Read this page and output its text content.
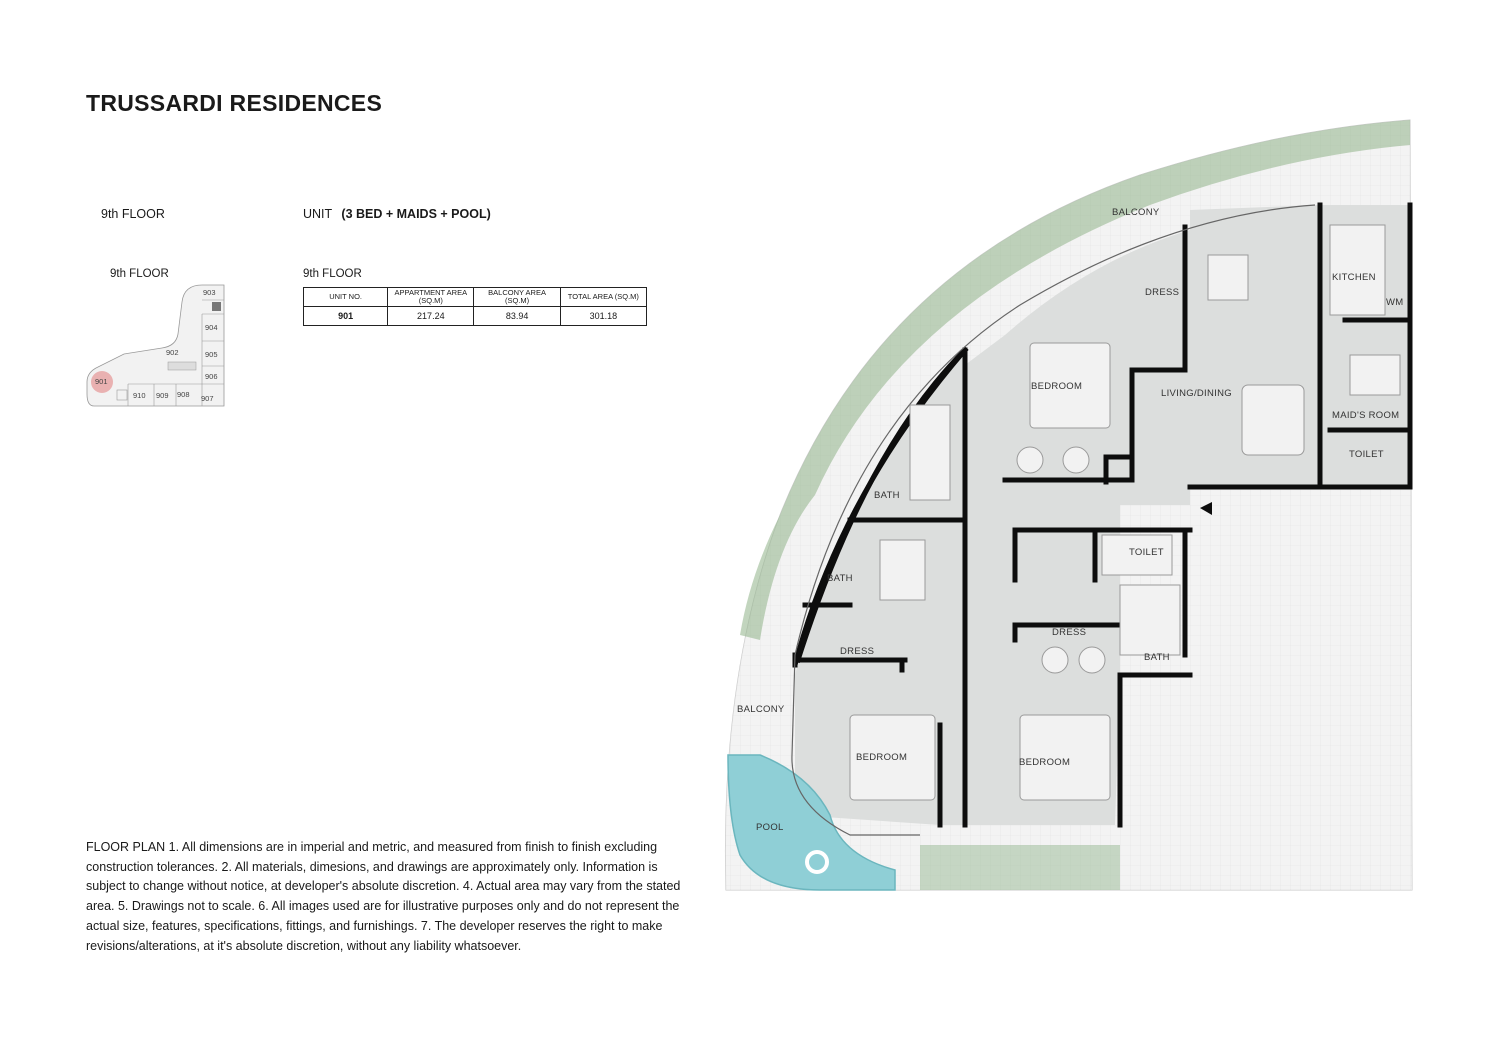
TRUSSARDI RESIDENCES
9th FLOOR	UNIT (3 BED + MAIDS + POOL)
9th FLOOR	9th FLOOR
903
904
905
906
907
908
909
910
902
901
UNIT NO.	APPARTMENT AREA (SQ.M)	BALCONY AREA (SQ.M)	TOTAL AREA (SQ.M)
901	217.24	83.94	301.18
BALCONY
DRESS
KITCHEN
WM
BEDROOM
LIVING/DINING
MAID'S ROOM
TOILET
BATH
TOILET
BATH
DRESS
DRESS
BATH
BALCONY
BEDROOM	BEDROOM
POOL
FLOOR PLAN 1. All dimensions are in imperial and metric, and measured from finish to finish excluding construction tolerances. 2. All materials, dimesions, and drawings are approximately only. Information is subject to change without notice, at developer's absolute discretion. 4. Actual area may vary from the stated area. 5. Drawings not to scale. 6. All images used are for illustrative purposes only and do not represent the actual size, features, specifications, fittings, and furnishings. 7. The developer reserves the right to make revisions/alterations, at it's absolute discretion, without any liability whatsoever.
